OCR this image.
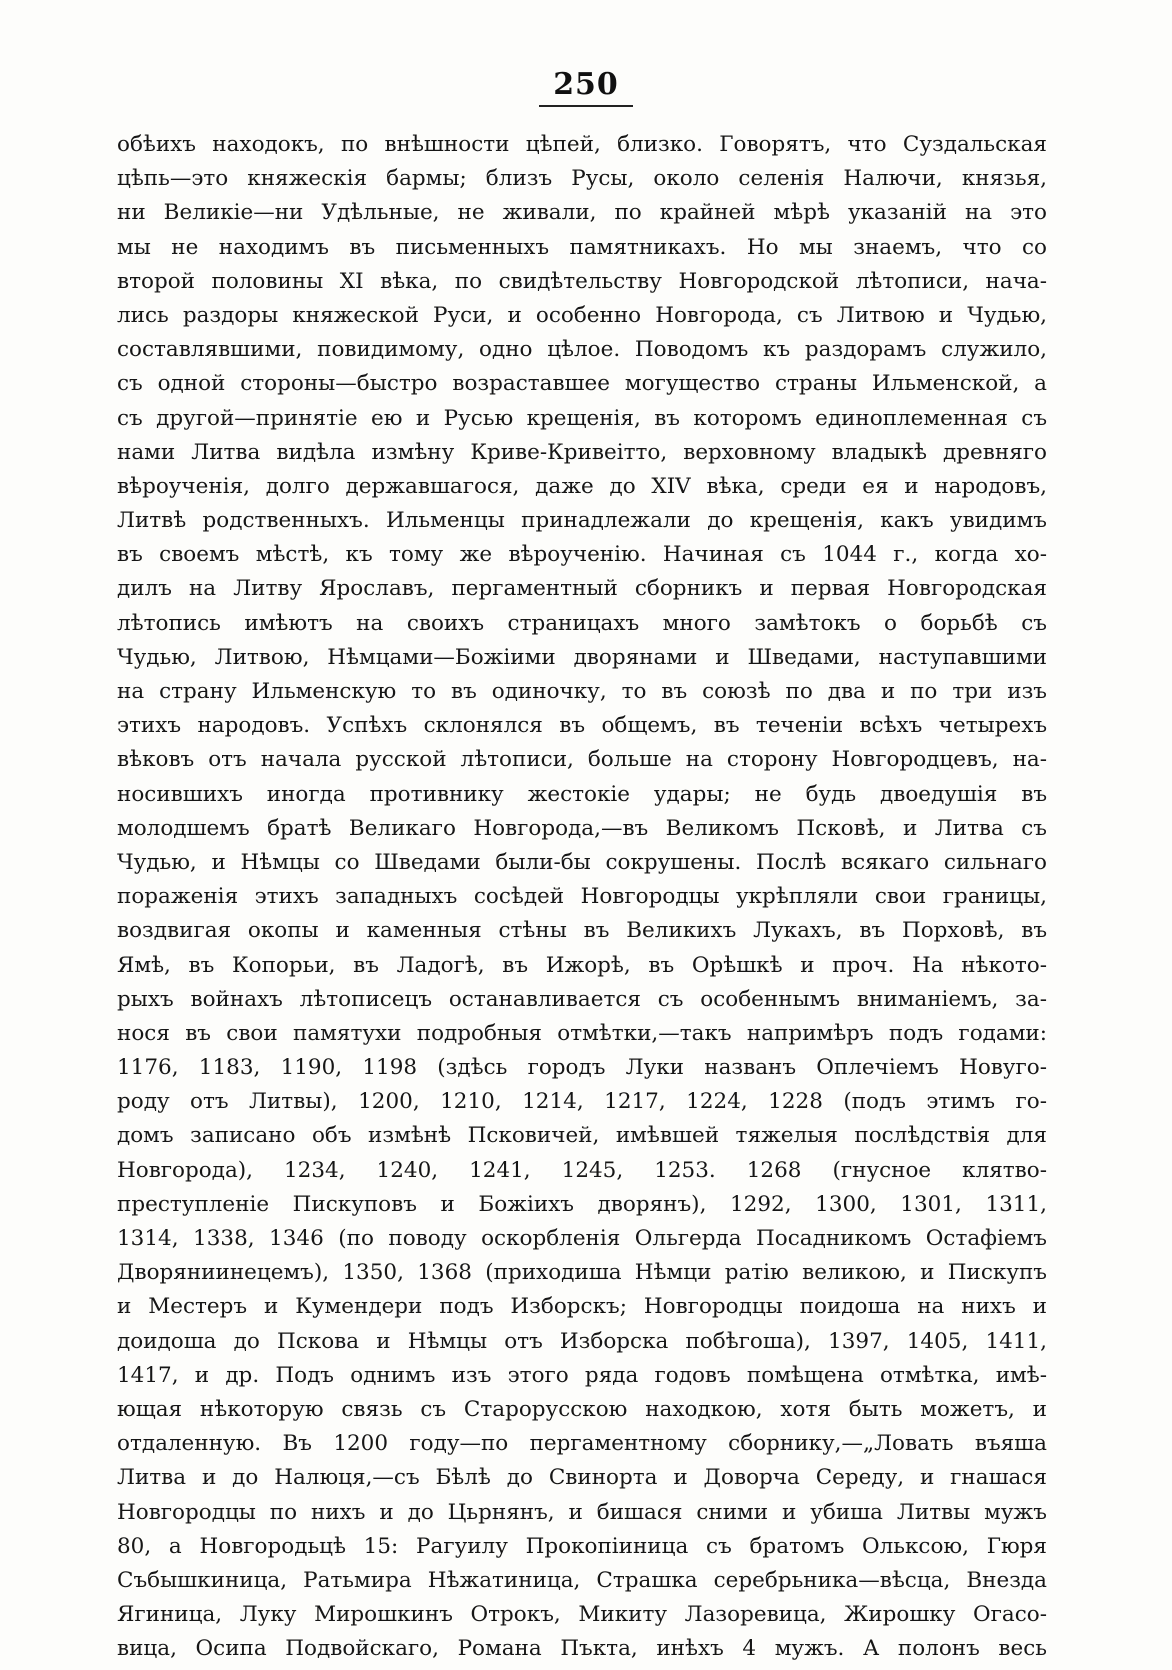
250
обѣихъ находокъ, по внѣшности цѣпей, близко. Говорятъ, что Суздальская
цѣпь—это княжескія бармы; близъ Русы, около селенія Налючи, князья,
ни Великіе—ни Удѣльные, не живали, по крайней мѣрѣ указаній на это
мы не находимъ въ письменныхъ памятникахъ. Но мы знаемъ, что со
второй половины XI вѣка, по свидѣтельству Новгородской лѣтописи, нача-
лись раздоры княжеской Руси, и особенно Новгорода, съ Литвою и Чудью,
составлявшими, повидимому, одно цѣлое. Поводомъ къ раздорамъ служило,
съ одной стороны—быстро возраставшее могущество страны Ильменской, а
съ другой—принятіе ею и Русью крещенія, въ которомъ единоплеменная съ
нами Литва видѣла измѣну Криве-Кривеітто, верховному владыкѣ древняго
вѣроученія, долго державшагося, даже до XIV вѣка, среди ея и народовъ,
Литвѣ родственныхъ. Ильменцы принадлежали до крещенія, какъ увидимъ
въ своемъ мѣстѣ, къ тому же вѣроученію. Начиная съ 1044 г., когда хо-
дилъ на Литву Ярославъ, пергаментный сборникъ и первая Новгородская
лѣтопись имѣютъ на своихъ страницахъ много замѣтокъ о борьбѣ съ
Чудью, Литвою, Нѣмцами—Божіими дворянами и Шведами, наступавшими
на страну Ильменскую то въ одиночку, то въ союзѣ по два и по три изъ
этихъ народовъ. Успѣхъ склонялся въ общемъ, въ теченіи всѣхъ четырехъ
вѣковъ отъ начала русской лѣтописи, больше на сторону Новгородцевъ, на-
носившихъ иногда противнику жестокіе удары; не будь двоедушія въ
молодшемъ братѣ Великаго Новгорода,—въ Великомъ Псковѣ, и Литва съ
Чудью, и Нѣмцы со Шведами были-бы сокрушены. Послѣ всякаго сильнаго
пораженія этихъ западныхъ сосѣдей Новгородцы укрѣпляли свои границы,
воздвигая окопы и каменныя стѣны въ Великихъ Лукахъ, въ Порховѣ, въ
Ямѣ, въ Копорьи, въ Ладогѣ, въ Ижорѣ, въ Орѣшкѣ и проч. На нѣкото-
рыхъ войнахъ лѣтописецъ останавливается съ особеннымъ вниманіемъ, за-
нося въ свои памятухи подробныя отмѣтки,—такъ напримѣръ подъ годами:
1176, 1183, 1190, 1198 (здѣсь городъ Луки названъ Оплечіемъ Новуго-
роду отъ Литвы), 1200, 1210, 1214, 1217, 1224, 1228 (подъ этимъ го-
домъ записано объ измѣнѣ Псковичей, имѣвшей тяжелыя послѣдствія для
Новгорода), 1234, 1240, 1241, 1245, 1253. 1268 (гнусное клятво-
преступленіе Пискуповъ и Божіихъ дворянъ), 1292, 1300, 1301, 1311,
1314, 1338, 1346 (по поводу оскорбленія Ольгерда Посадникомъ Остафіемъ
Дворяниинецемъ), 1350, 1368 (приходиша Нѣмци ратію великою, и Пискупъ
и Местеръ и Кумендери подъ Изборскъ; Новгородцы поидоша на нихъ и
доидоша до Пскова и Нѣмцы отъ Изборска побѣгоша), 1397, 1405, 1411,
1417, и др. Подъ однимъ изъ этого ряда годовъ помѣщена отмѣтка, имѣ-
ющая нѣкоторую связь съ Старорусскою находкою, хотя быть можетъ, и
отдаленную. Въ 1200 году—по пергаментному сборнику,—„Ловать въяша
Литва и до Налюця,—съ Бѣлѣ до Свинорта и Доворча Середу, и гнашася
Новгородцы по нихъ и до Цьрнянъ, и бишася сними и убиша Литвы мужъ
80, а Новгородьцѣ 15: Рагуилу Прокопіиница съ братомъ Ольксою, Гюря
Събышкиница, Ратьмира Нѣжатиница, Страшка серебрьника—вѣсца, Внезда
Ягиница, Луку Мирошкинъ Отрокъ, Микиту Лазоревица, Жирошку Огасо-
вица, Осипа Подвойскаго, Романа Пъкта, инѣхъ 4 мужъ. А полонъ весь
